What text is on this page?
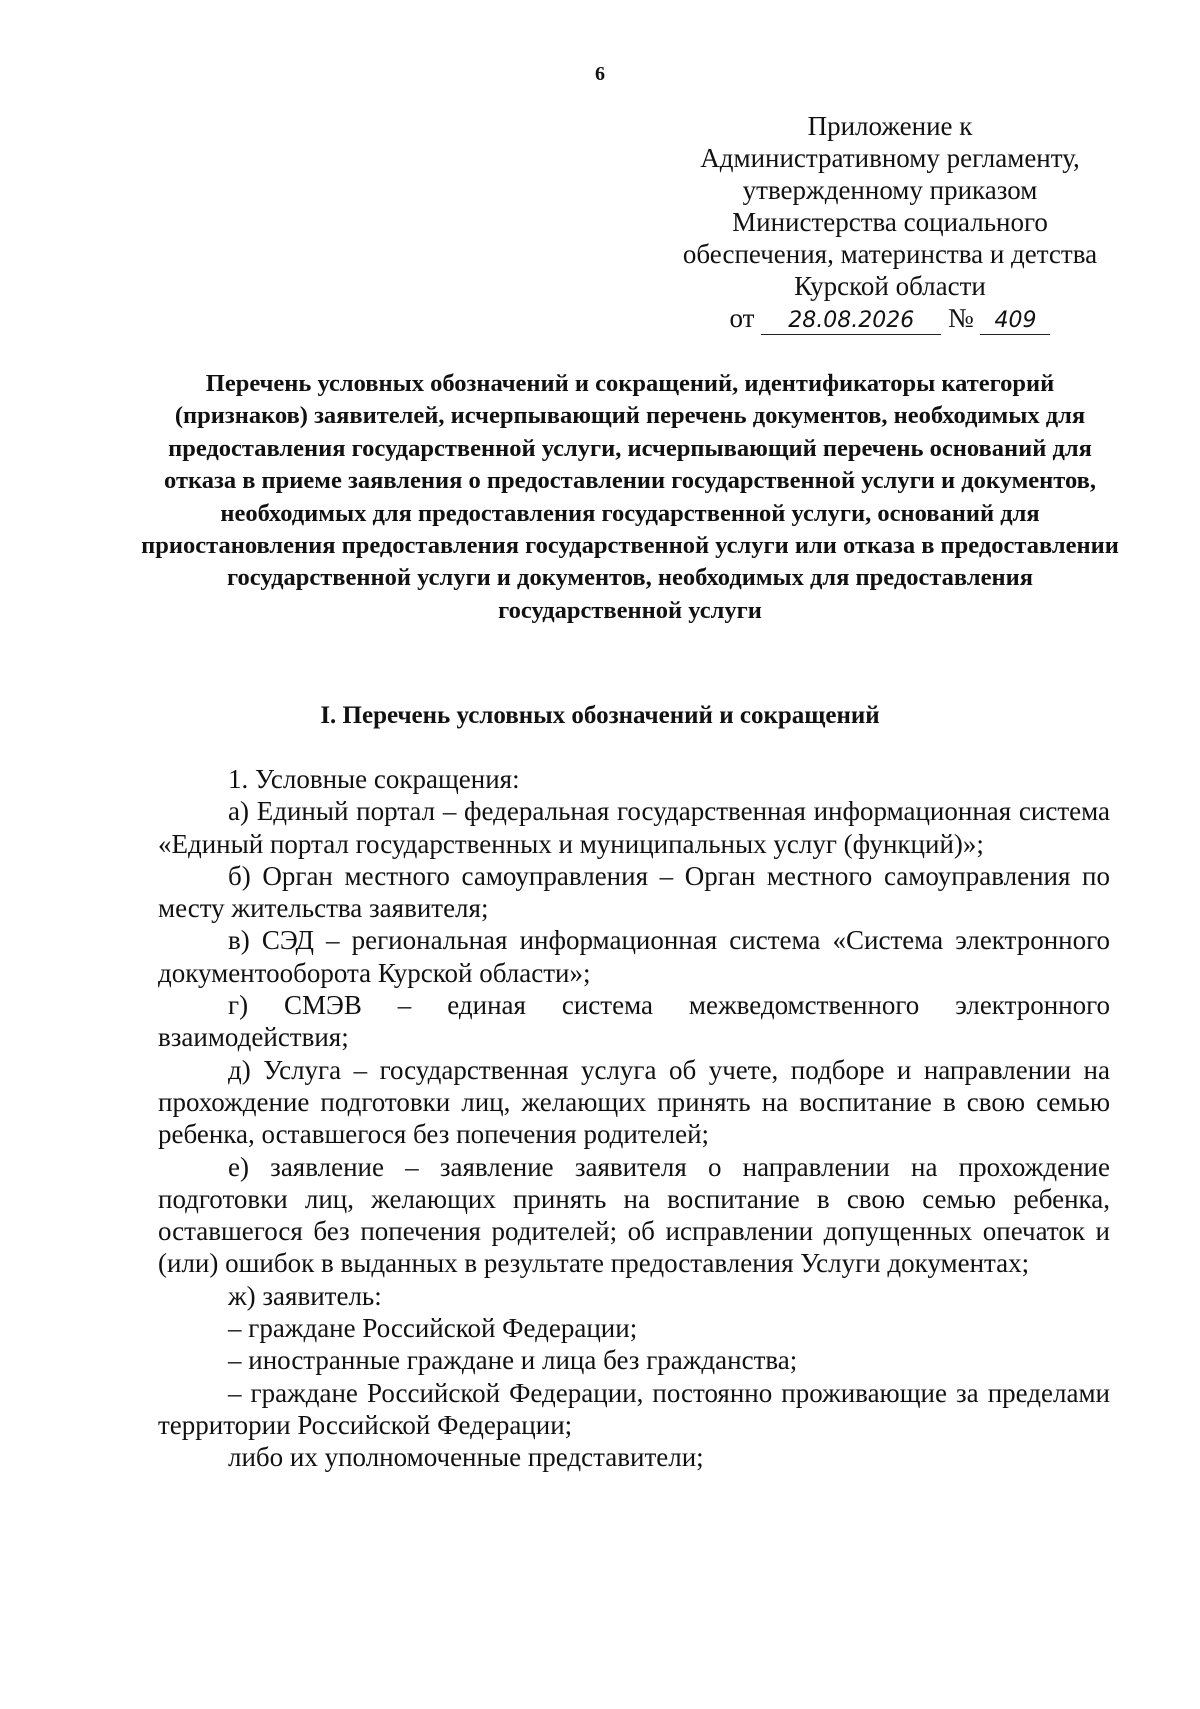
6
Приложение к
Административному регламенту,
утвержденному приказом
Министерства социального
обеспечения, материнства и детства
Курской области
от 28.08.2026 № 409
Перечень условных обозначений и сокращений, идентификаторы категорий (признаков) заявителей, исчерпывающий перечень документов, необходимых для предоставления государственной услуги, исчерпывающий перечень оснований для отказа в приеме заявления о предоставлении государственной услуги и документов, необходимых для предоставления государственной услуги, оснований для приостановления предоставления государственной услуги или отказа в предоставлении государственной услуги и документов, необходимых для предоставления государственной услуги
I. Перечень условных обозначений и сокращений

1. Условные сокращения:

а) Единый портал – федеральная государственная информационная система «Единый портал государственных и муниципальных услуг (функций)»;

б) Орган местного самоуправления – Орган местного самоуправления по месту жительства заявителя;

в) СЭД – региональная информационная система «Система электронного документооборота Курской области»;

г) СМЭВ – единая система межведомственного электронного взаимодействия;

д) Услуга – государственная услуга об учете, подборе и направлении на прохождение подготовки лиц, желающих принять на воспитание в свою семью ребенка, оставшегося без попечения родителей;

е) заявление – заявление заявителя о направлении на прохождение подготовки лиц, желающих принять на воспитание в свою семью ребенка, оставшегося без попечения родителей; об исправлении допущенных опечаток и (или) ошибок в выданных в результате предоставления Услуги документах;

ж) заявитель:

– граждане Российской Федерации;

– иностранные граждане и лица без гражданства;

– граждане Российской Федерации, постоянно проживающие за пределами территории Российской Федерации;

либо их уполномоченные представители;
